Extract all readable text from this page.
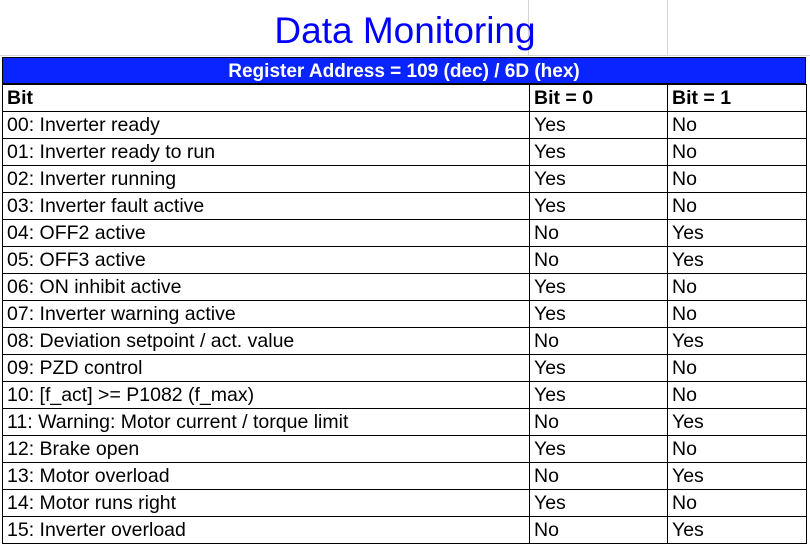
Data Monitoring
Register Address = 109 (dec) / 6D (hex)
Bit	Bit = 0	Bit = 1
00: Inverter ready	Yes	No
01: Inverter ready to run	Yes	No
02: Inverter running	Yes	No
03: Inverter fault active	Yes	No
04: OFF2 active	No	Yes
05: OFF3 active	No	Yes
06: ON inhibit active	Yes	No
07: Inverter warning active	Yes	No
08: Deviation setpoint / act. value	No	Yes
09: PZD control	Yes	No
10: [f_act] >= P1082 (f_max)	Yes	No
11: Warning: Motor current / torque limit	No	Yes
12: Brake open	Yes	No
13: Motor overload	No	Yes
14: Motor runs right	Yes	No
15: Inverter overload	No	Yes
